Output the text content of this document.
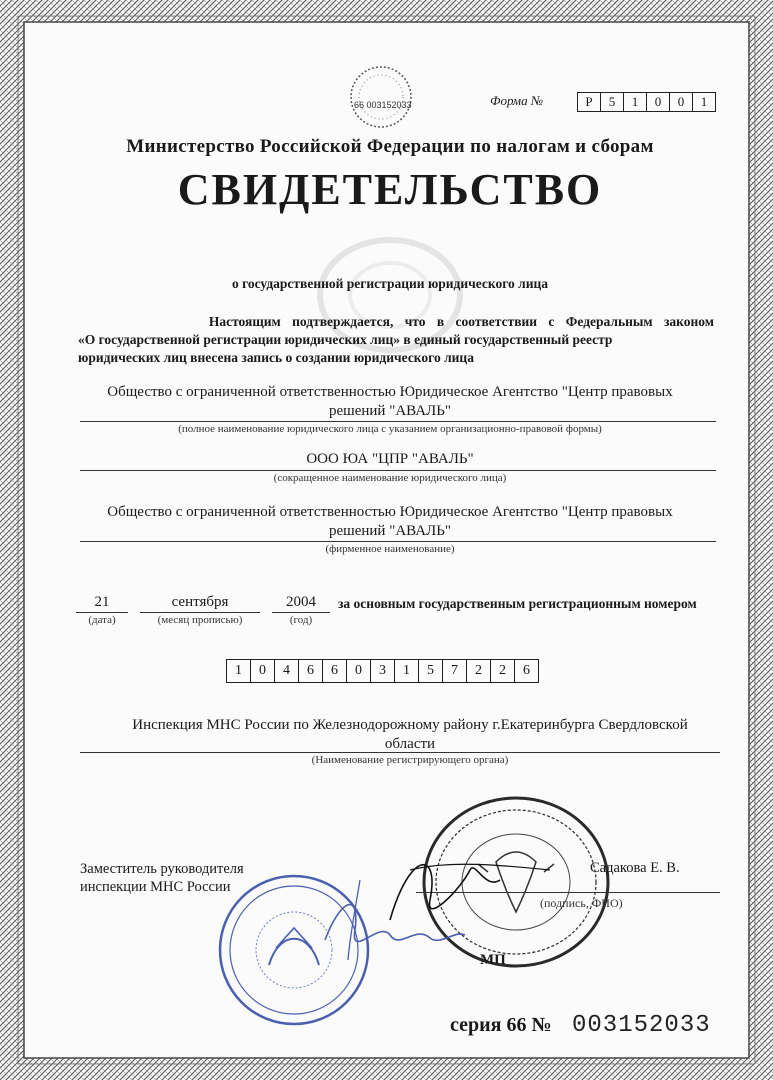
66 003152033	Форма №	Р	5	1	0	0	1
Министерство Российской Федерации по налогам и сборам
СВИДЕТЕЛЬСТВО
о государственной регистрации юридического лица
Настоящим подтверждается, что в соответствии с Федеральным законом
«О государственной регистрации юридических лиц» в единый государственный реестр
юридических лиц внесена запись о создании юридического лица
Общество с ограниченной ответственностью Юридическое Агентство "Центр правовых
решений "АВАЛЬ"
(полное наименование юридического лица с указанием организационно-правовой формы)
ООО ЮА "ЦПР "АВАЛЬ"
(сокращенное наименование юридического лица)
Общество с ограниченной ответственностью Юридическое Агентство "Центр правовых
решений "АВАЛЬ"
(фирменное наименование)
21
(дата)
сентября
(месяц прописью)
2004
(год)
за основным государственным регистрационным номером
1	0	4	6	6	0	3	1	5	7	2	2	6
Инспекция МНС России по Железнодорожному району г.Екатеринбурга Свердловской
области
(Наименование регистрирующего органа)
Заместитель руководителя
инспекции МНС России
Садакова Е. В.
(подпись, ФИО)
МП
серия 66 № 003152033
